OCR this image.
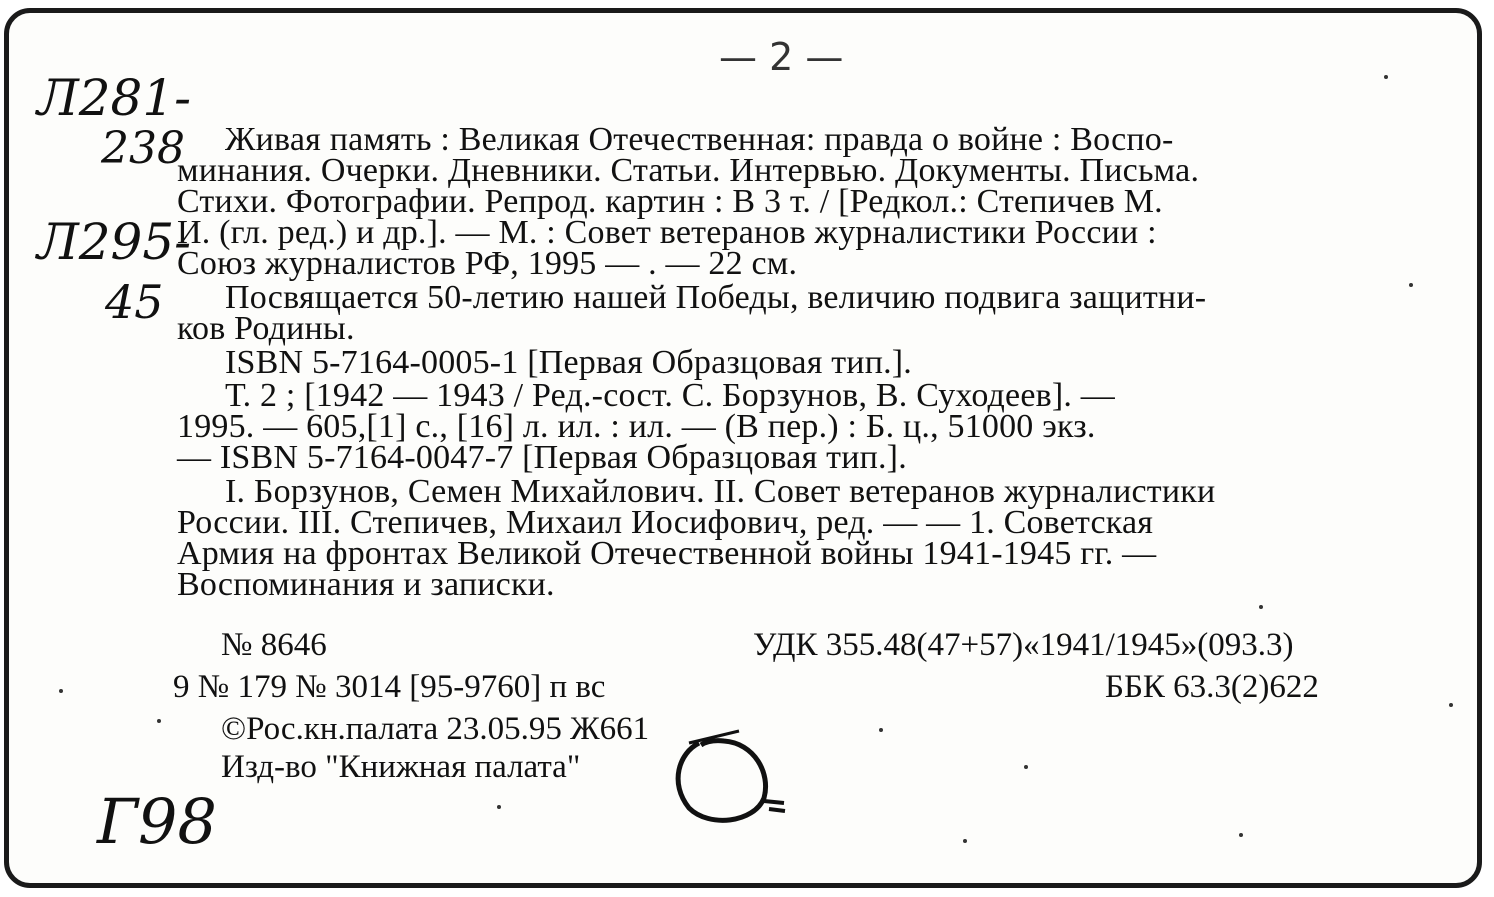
— 2 —
Л281-
238
Л295-
45
Г98
Живая память : Великая Отечественная: правда о войне : Воспо-
минания. Очерки. Дневники. Статьи. Интервью. Документы. Письма.
Стихи. Фотографии. Репрод. картин : В 3 т. / [Редкол.: Степичев М.
И. (гл. ред.) и др.]. — М. : Совет ветеранов журналистики России :
Союз журналистов РФ, 1995 — . — 22 см.
Посвящается 50-летию нашей Победы, величию подвига защитни-
ков Родины.
ISBN 5-7164-0005-1 [Первая Образцовая тип.].
Т. 2 ; [1942 — 1943 / Ред.-сост. С. Борзунов, В. Суходеев]. —
1995. — 605,[1] с., [16] л. ил. : ил. — (В пер.) : Б. ц., 51000 экз.
— ISBN 5-7164-0047-7 [Первая Образцовая тип.].
I. Борзунов, Семен Михайлович. II. Совет ветеранов журналистики
России. III. Степичев, Михаил Иосифович, ред. — — 1. Советская
Армия на фронтах Великой Отечественной войны 1941-1945 гг. —
Воспоминания и записки.
№ 8646	УДК 355.48(47+57)«1941/1945»(093.3)
9 № 179 № 3014 [95-9760] п вс	ББК 63.3(2)622
©Рос.кн.палата 23.05.95 Ж661
Изд-во "Книжная палата"
